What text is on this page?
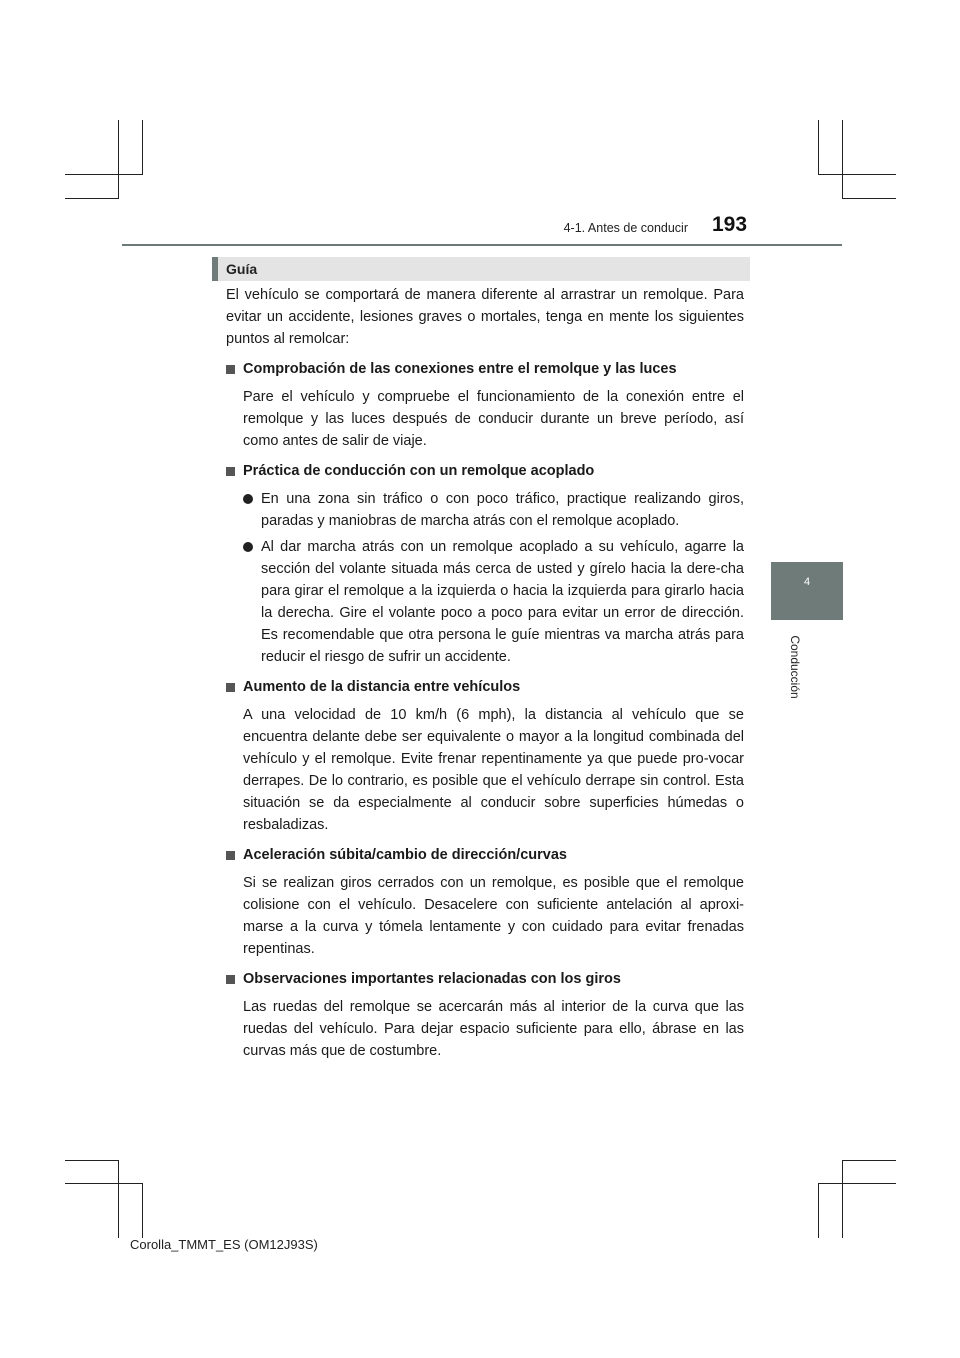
4-1. Antes de conducir 193
4
Conducción
Guía

El vehículo se comportará de manera diferente al arrastrar un remolque. Para evitar un accidente, lesiones graves o mortales, tenga en mente los siguientes puntos al remolcar:

Comprobación de las conexiones entre el remolque y las luces

Pare el vehículo y compruebe el funcionamiento de la conexión entre el remolque y las luces después de conducir durante un breve período, así como antes de salir de viaje.

Práctica de conducción con un remolque acoplado

En una zona sin tráfico o con poco tráfico, practique realizando giros, paradas y maniobras de marcha atrás con el remolque acoplado.

Al dar marcha atrás con un remolque acoplado a su vehículo, agarre la sección del volante situada más cerca de usted y gírelo hacia la dere-cha para girar el remolque a la izquierda o hacia la izquierda para girarlo hacia la derecha. Gire el volante poco a poco para evitar un error de dirección. Es recomendable que otra persona le guíe mientras va marcha atrás para reducir el riesgo de sufrir un accidente.

Aumento de la distancia entre vehículos

A una velocidad de 10 km/h (6 mph), la distancia al vehículo que se encuentra delante debe ser equivalente o mayor a la longitud combinada del vehículo y el remolque. Evite frenar repentinamente ya que puede pro-vocar derrapes. De lo contrario, es posible que el vehículo derrape sin control. Esta situación se da especialmente al conducir sobre superficies húmedas o resbaladizas.

Aceleración súbita/cambio de dirección/curvas

Si se realizan giros cerrados con un remolque, es posible que el remolque colisione con el vehículo. Desacelere con suficiente antelación al aproxi-marse a la curva y tómela lentamente y con cuidado para evitar frenadas repentinas.

Observaciones importantes relacionadas con los giros

Las ruedas del remolque se acercarán más al interior de la curva que las ruedas del vehículo. Para dejar espacio suficiente para ello, ábrase en las curvas más que de costumbre.

Corolla_TMMT_ES (OM12J93S)
